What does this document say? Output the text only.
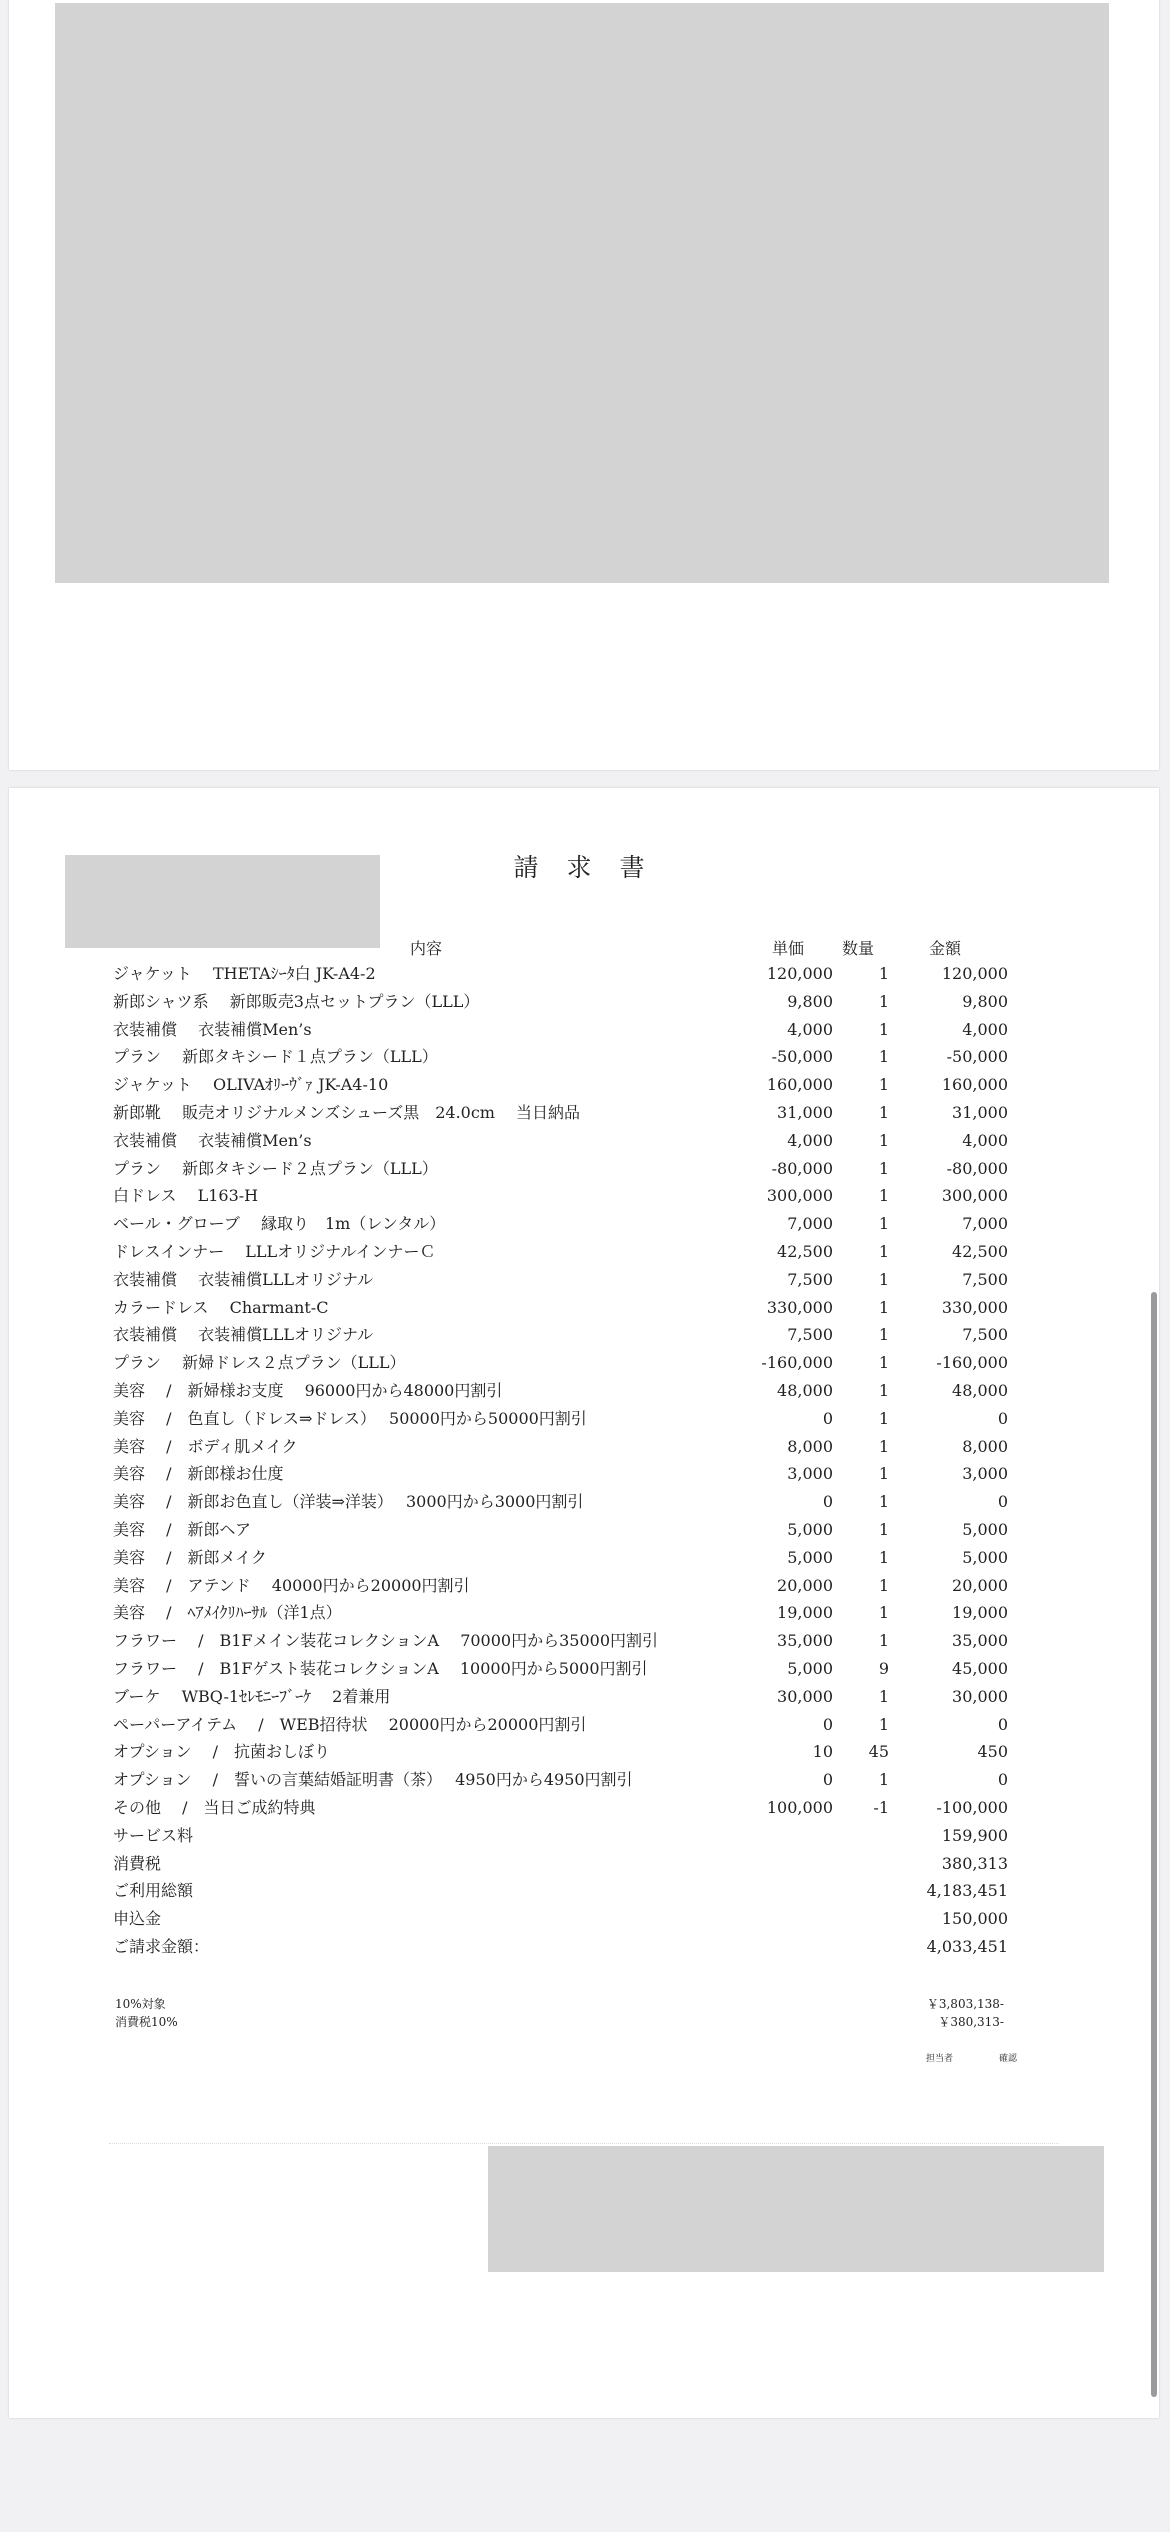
請 求 書
内容	単価 数量	金額
ジャケット　 THETAｼｰﾀ白 JK-A4-2	120,000	1	120,000
新郎シャツ系　 新郎販売3点セットプラン（LLL）	9,800	1	9,800
衣装補償　 衣装補償Men’s	4,000	1	4,000
プラン　 新郎タキシード１点プラン（LLL）	-50,000	1	-50,000
ジャケット　 OLIVAｵﾘｰｳﾞｧ JK-A4-10	160,000	1	160,000
新郎靴　 販売オリジナルメンズシューズ黒　24.0cm　 当日納品	31,000	1	31,000
衣装補償　 衣装補償Men’s	4,000	1	4,000
プラン　 新郎タキシード２点プラン（LLL）	-80,000	1	-80,000
白ドレス　 L163-H	300,000	1	300,000
ベール・グローブ　 縁取り　1m（レンタル）	7,000	1	7,000
ドレスインナー　 LLLオリジナルインナーＣ	42,500	1	42,500
衣装補償　 衣装補償LLLオリジナル	7,500	1	7,500
カラードレス　 Charmant-C	330,000	1	330,000
衣装補償　 衣装補償LLLオリジナル	7,500	1	7,500
プラン　 新婦ドレス２点プラン（LLL）	-160,000	1	-160,000
美容　 /　新婦様お支度　 96000円から48000円割引	48,000	1	48,000
美容　 /　色直し（ドレス⇒ドレス）　 50000円から50000円割引	0	1	0
美容　 /　ボディ肌メイク	8,000	1	8,000
美容　 /　新郎様お仕度	3,000	1	3,000
美容　 /　新郎お色直し（洋装⇒洋装）　 3000円から3000円割引	0	1	0
美容　 /　新郎ヘア	5,000	1	5,000
美容　 /　新郎メイク	5,000	1	5,000
美容　 /　アテンド　 40000円から20000円割引	20,000	1	20,000
美容　 /　ﾍｱﾒｲｸﾘﾊｰｻﾙ（洋1点）	19,000	1	19,000
フラワー　 /　B1Fメイン装花コレクションA　 70000円から35000円割引	35,000	1	35,000
フラワー　 /　B1Fゲスト装花コレクションA　 10000円から5000円割引	5,000	9	45,000
ブーケ　 WBQ-1ｾﾚﾓﾆｰﾌﾞｰｹ　 2着兼用	30,000	1	30,000
ペーパーアイテム　 /　WEB招待状　 20000円から20000円割引	0	1	0
オプション　 /　抗菌おしぼり	10	45	450
オプション　 /　誓いの言葉結婚証明書（茶）　 4950円から4950円割引	0	1	0
その他　 /　当日ご成約特典	100,000	-1	-100,000
サービス料	159,900
消費税	380,313
ご利用総額	4,183,451
申込金	150,000
ご請求金額：	4,033,451
10%対象	￥3,803,138-
消費税10%	￥380,313-
担当者	確認
